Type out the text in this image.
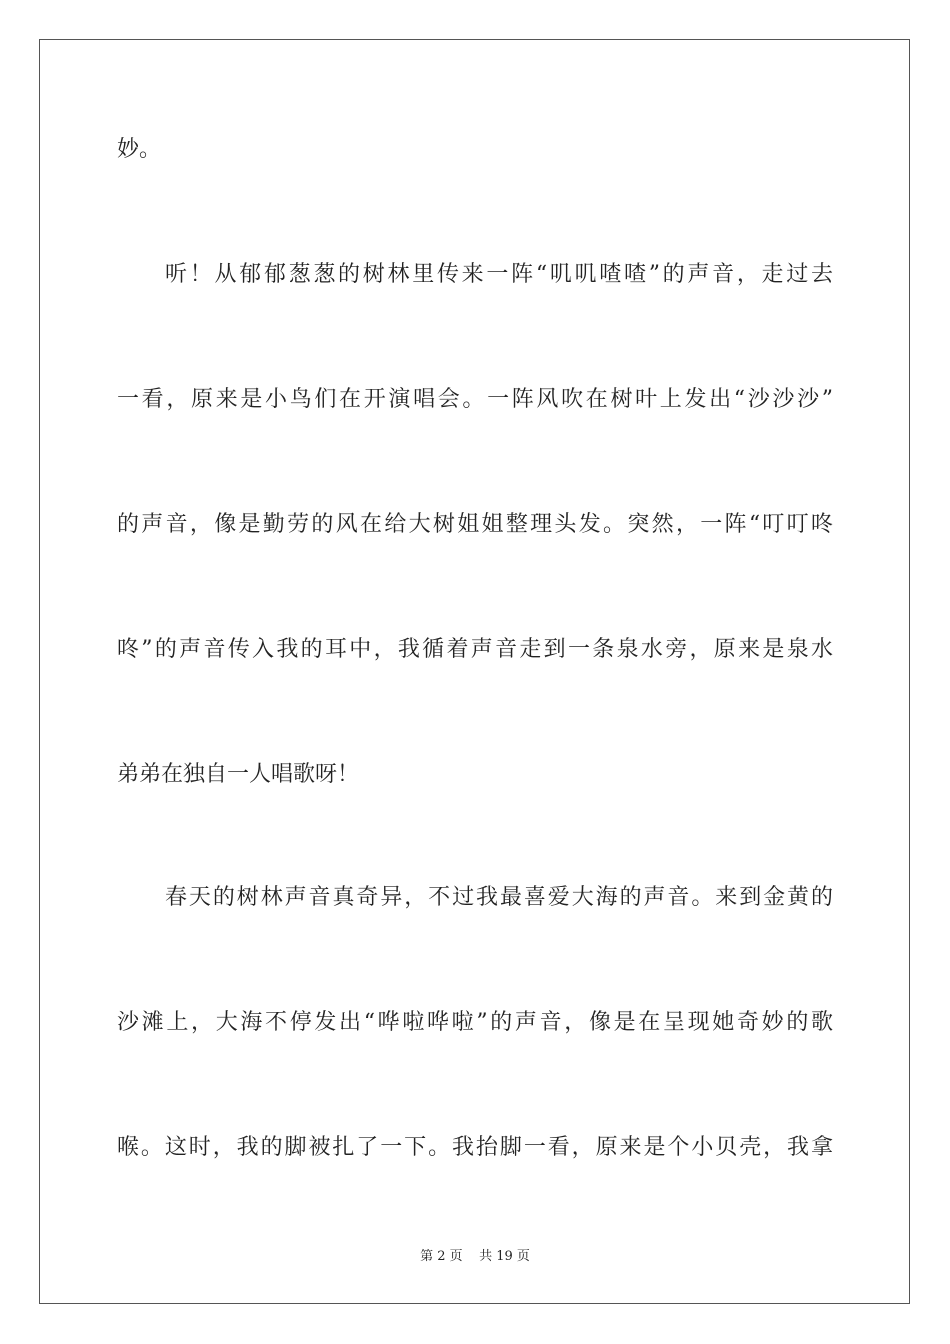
妙。
听！从郁郁葱葱的树林里传来一阵“叽叽喳喳”的声音，走过去
一看，原来是小鸟们在开演唱会。一阵风吹在树叶上发出“沙沙沙”
的声音，像是勤劳的风在给大树姐姐整理头发。突然，一阵“叮叮咚
咚”的声音传入我的耳中，我循着声音走到一条泉水旁，原来是泉水
弟弟在独自一人唱歌呀！
春天的树林声音真奇异，不过我最喜爱大海的声音。来到金黄的
沙滩上，大海不停发出“哗啦哗啦”的声音，像是在呈现她奇妙的歌
喉。这时，我的脚被扎了一下。我抬脚一看，原来是个小贝壳，我拿
第 2 页    共 19 页
